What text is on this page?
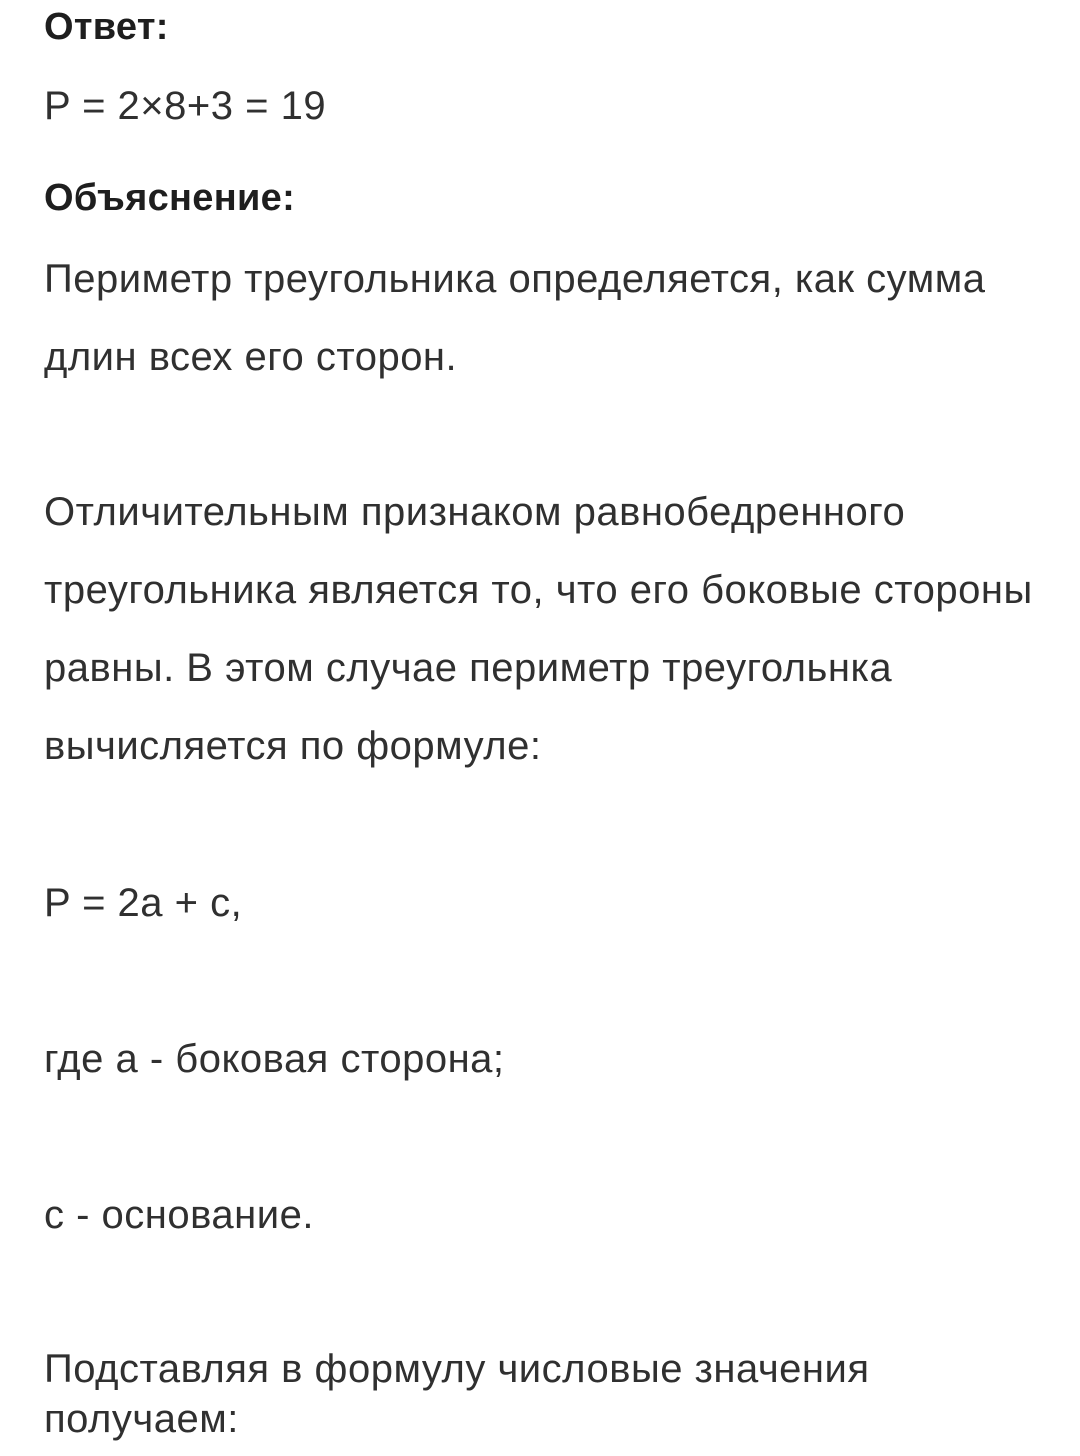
Ответ:

P = 2×8+3 = 19

Объяснение:

Периметр треугольника определяется, как сумма длин всех его сторон.

Отличительным признаком равнобедренного треугольника является то, что его боковые стороны равны. В этом случае периметр треугольнка вычисляется по формуле:

P = 2a + c,

где a - боковая сторона;

c - основание.

Подставляя в формулу числовые значения получаем:
